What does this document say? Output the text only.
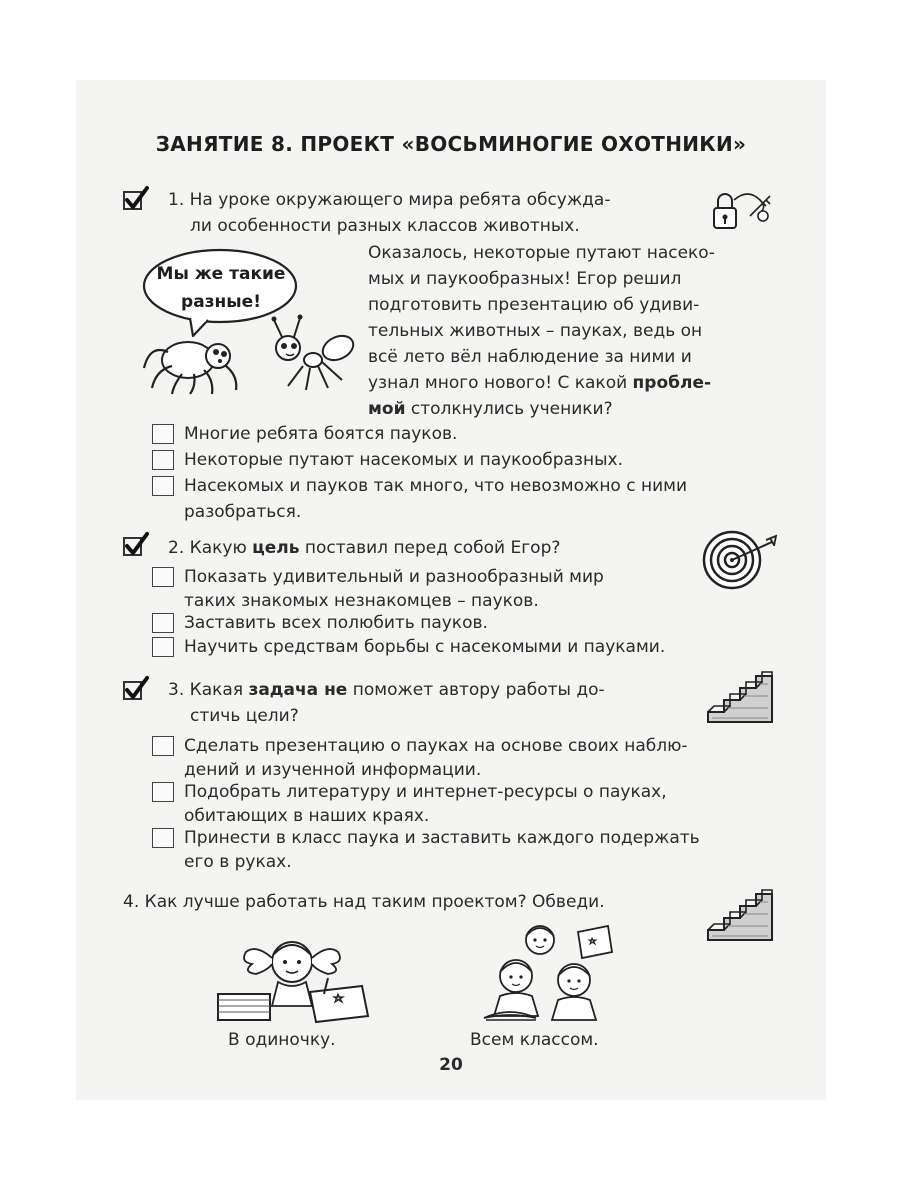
ЗАНЯТИЕ 8. ПРОЕКТ «ВОСЬМИНОГИЕ ОХОТНИКИ»
1. На уроке окружающего мира ребята обсужда-
ли особенности разных классов животных.
Оказалось, некоторые путают насеко-
мых и паукообразных! Егор решил
подготовить презентацию об удиви-
тельных животных – пауках, ведь он
всё лето вёл наблюдение за ними и
узнал много нового! С какой пробле-
мой столкнулись ученики?
Мы же такие
разные!
Многие ребята боятся пауков.
Некоторые путают насекомых и паукообразных.
Насекомых и пауков так много, что невозможно с ними
разобраться.
2. Какую цель поставил перед собой Егор?
Показать удивительный и разнообразный мир
таких знакомых незнакомцев – пауков.
Заставить всех полюбить пауков.
Научить средствам борьбы с насекомыми и пауками.
3. Какая задача не поможет автору работы до-
стичь цели?
Сделать презентацию о пауках на основе своих наблю-
дений и изученной информации.
Подобрать литературу и интернет-ресурсы о пауках,
обитающих в наших краях.
Принести в класс паука и заставить каждого подержать
его в руках.
4. Как лучше работать над таким проектом? Обведи.
В одиночку.	Всем классом.
20
